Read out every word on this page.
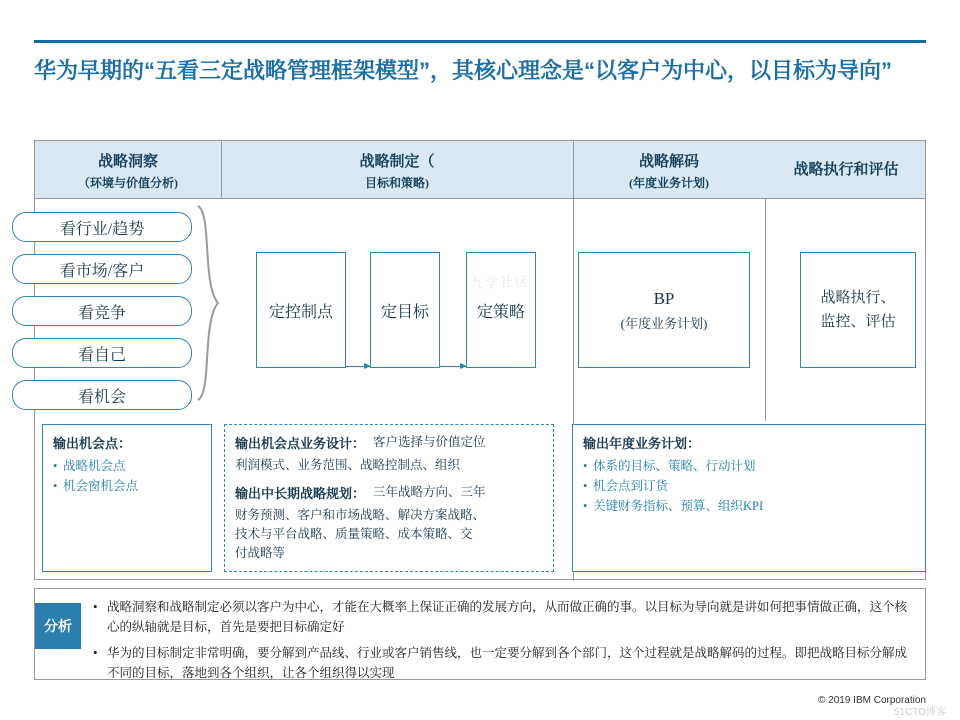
华为早期的“五看三定战略管理框架模型”，其核心理念是“以客户为中心，以目标为导向”
战略洞察
（环境与价值分析)
战略制定（
目标和策略)
战略解码
(年度业务计划)
战略执行和评估
看行业/趋势
看市场/客户
看竞争
看自己
看机会
定控制点	定目标	定策略
BP
(年度业务计划)
战略执行、监控、评估
输出机会点：
• 战略机会点
• 机会窗机会点
输出机会点业务设计： 客户选择与价值定位
利润模式、业务范围、战略控制点、组织
输出中长期战略规划： 三年战略方向、三年
财务预测、客户和市场战略、解决方案战略、
技术与平台战略、质量策略、成本策略、交
付战略等
输出年度业务计划：
• 体系的目标、策略、行动计划
• 机会点到订货
• 关键财务指标、预算、组织KPI
分析
• 战略洞察和战略制定必须以客户为中心，才能在大概率上保证正确的发展方向，从而做正确的事。以目标为导向就是讲如何把事情做正确，这个核心的纵轴就是目标，首先是要把目标确定好
• 华为的目标制定非常明确，要分解到产品线、行业或客户销售线，也一定要分解到各个部门，这个过程就是战略解码的过程。即把战略目标分解成不同的目标，落地到各个组织，让各个组织得以实现
九学社区
© 2019 IBM Corporation
51CTO博客
